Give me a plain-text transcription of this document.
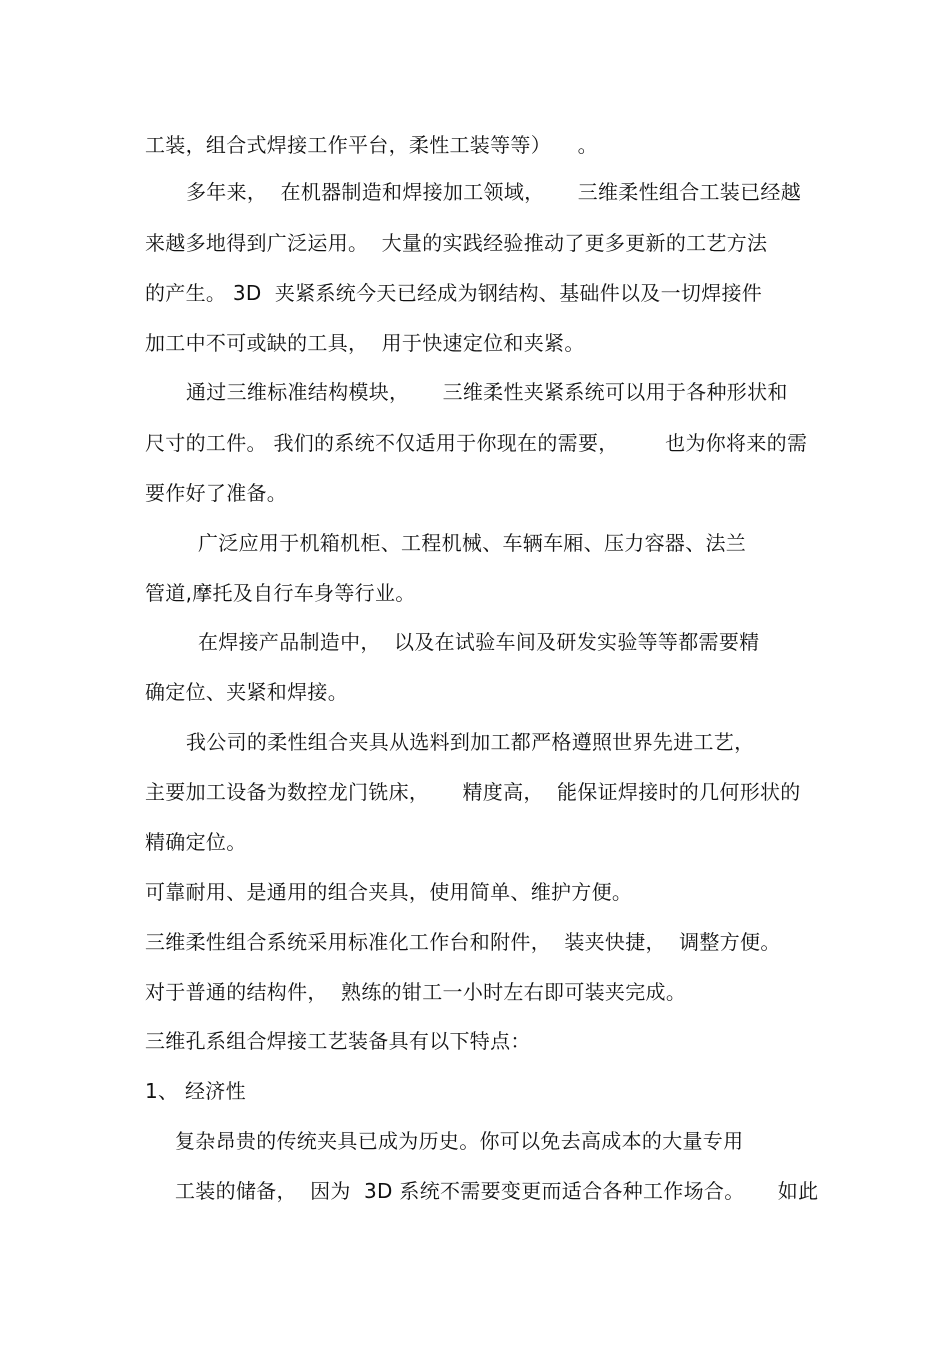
工装，组合式焊接工作平台，柔性工装等等）    。
多年来，  在机器制造和焊接加工领域，     三维柔性组合工装已经越
来越多地得到广泛运用。  大量的实践经验推动了更多更新的工艺方法
的产生。 3D  夹紧系统今天已经成为钢结构、基础件以及一切焊接件
加工中不可或缺的工具，  用于快速定位和夹紧。
通过三维标准结构模块，     三维柔性夹紧系统可以用于各种形状和
尺寸的工件。 我们的系统不仅适用于你现在的需要，       也为你将来的需
要作好了准备。
广泛应用于机箱机柜、工程机械、车辆车厢、压力容器、法兰
管道,摩托及自行车身等行业。
在焊接产品制造中，  以及在试验车间及研发实验等等都需要精
确定位、夹紧和焊接。
我公司的柔性组合夹具从选料到加工都严格遵照世界先进工艺，
主要加工设备为数控龙门铣床，     精度高，  能保证焊接时的几何形状的
精确定位。
可靠耐用、是通用的组合夹具，使用简单、维护方便。
三维柔性组合系统采用标准化工作台和附件，  装夹快捷，  调整方便。
对于普通的结构件，  熟练的钳工一小时左右即可装夹完成。
三维孔系组合焊接工艺装备具有以下特点：
1、 经济性
复杂昂贵的传统夹具已成为历史。你可以免去高成本的大量专用
工装的储备，  因为  3D 系统不需要变更而适合各种工作场合。     如此
